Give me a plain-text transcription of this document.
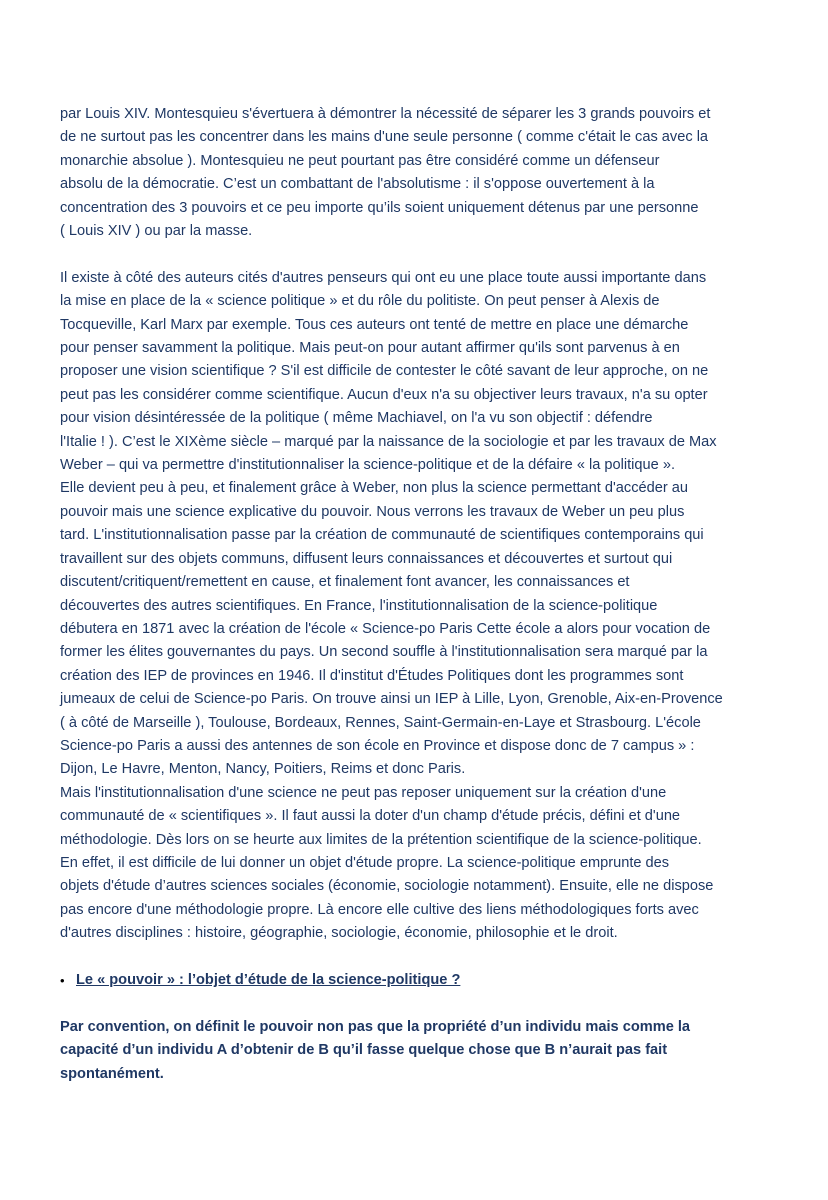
par Louis XIV. Montesquieu s'évertuera à démontrer la nécessité de séparer les 3 grands pouvoirs et
de ne surtout pas les concentrer dans les mains d'une seule personne ( comme c'était le cas avec la
monarchie absolue ). Montesquieu ne peut pourtant pas être considéré comme un défenseur
absolu de la démocratie. C’est un combattant de l'absolutisme : il s'oppose ouvertement à la
concentration des 3 pouvoirs et ce peu importe qu’ils soient uniquement détenus par une personne
( Louis XIV ) ou par la masse.

Il existe à côté des auteurs cités d'autres penseurs qui ont eu une place toute aussi importante dans
la mise en place de la « science politique » et du rôle du politiste. On peut penser à Alexis de
Tocqueville, Karl Marx par exemple. Tous ces auteurs ont tenté de mettre en place une démarche
pour penser savamment la politique. Mais peut-on pour autant affirmer qu'ils sont parvenus à en
proposer une vision scientifique ? S'il est difficile de contester le côté savant de leur approche, on ne
peut pas les considérer comme scientifique. Aucun d'eux n'a su objectiver leurs travaux, n'a su opter
pour vision désintéressée de la politique ( même Machiavel, on l'a vu son objectif : défendre
l'Italie ! ). C’est le XIXème siècle – marqué par la naissance de la sociologie et par les travaux de Max
Weber – qui va permettre d'institutionnaliser la science-politique et de la défaire « la politique ».
Elle devient peu à peu, et finalement grâce à Weber, non plus la science permettant d'accéder au
pouvoir mais une science explicative du pouvoir. Nous verrons les travaux de Weber un peu plus
tard. L'institutionnalisation passe par la création de communauté de scientifiques contemporains qui
travaillent sur des objets communs, diffusent leurs connaissances et découvertes et surtout qui
discutent/critiquent/remettent en cause, et finalement font avancer, les connaissances et
découvertes des autres scientifiques. En France, l'institutionnalisation de la science-politique
débutera en 1871 avec la création de l'école « Science-po Paris Cette école a alors pour vocation de
former les élites gouvernantes du pays. Un second souffle à l'institutionnalisation sera marqué par la
création des IEP de provinces en 1946. Il d'institut d'Études Politiques dont les programmes sont
jumeaux de celui de Science-po Paris. On trouve ainsi un IEP à Lille, Lyon, Grenoble, Aix-en-Provence
( à côté de Marseille ), Toulouse, Bordeaux, Rennes, Saint-Germain-en-Laye et Strasbourg. L'école
Science-po Paris a aussi des antennes de son école en Province et dispose donc de 7 campus » :
Dijon, Le Havre, Menton, Nancy, Poitiers, Reims et donc Paris.
Mais l'institutionnalisation d'une science ne peut pas reposer uniquement sur la création d'une
communauté de « scientifiques ». Il faut aussi la doter d'un champ d'étude précis, défini et d'une
méthodologie. Dès lors on se heurte aux limites de la prétention scientifique de la science-politique.
En effet, il est difficile de lui donner un objet d'étude propre. La science-politique emprunte des
objets d'étude d’autres sciences sociales (économie, sociologie notamment). Ensuite, elle ne dispose
pas encore d'une méthodologie propre. Là encore elle cultive des liens méthodologiques forts avec
d'autres disciplines : histoire, géographie, sociologie, économie, philosophie et le droit.

• Le « pouvoir » : l’objet d’étude de la science-politique ?

Par convention, on définit le pouvoir non pas que la propriété d’un individu mais comme la
capacité d’un individu A d’obtenir de B qu’il fasse quelque chose que B n’aurait pas fait
spontanément.
